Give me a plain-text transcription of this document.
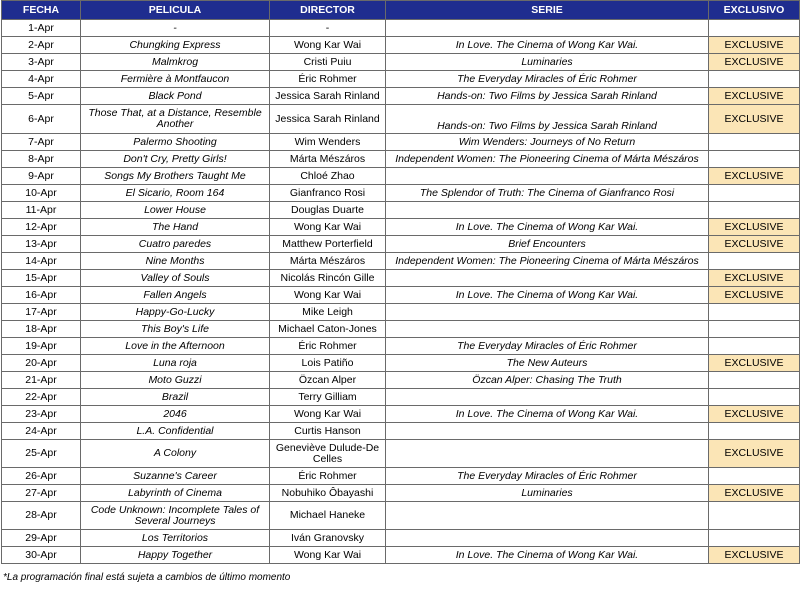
FECHA	PELICULA	DIRECTOR	SERIE	EXCLUSIVO
1-Apr	-	-		
2-Apr	Chungking Express	Wong Kar Wai	In Love. The Cinema of Wong Kar Wai.	EXCLUSIVE
3-Apr	Malmkrog	Cristi Puiu	Luminaries	EXCLUSIVE
4-Apr	Fermière à Montfaucon	Éric Rohmer	The Everyday Miracles of Éric Rohmer	
5-Apr	Black Pond	Jessica Sarah Rinland	Hands-on: Two Films by Jessica Sarah Rinland	EXCLUSIVE
6-Apr	Those That, at a Distance, Resemble Another	Jessica Sarah Rinland	Hands-on: Two Films by Jessica Sarah Rinland	EXCLUSIVE
7-Apr	Palermo Shooting	Wim Wenders	Wim Wenders: Journeys of No Return	
8-Apr	Don't Cry, Pretty Girls!	Márta Mészáros	Independent Women: The Pioneering Cinema of Márta Mészáros	
9-Apr	Songs My Brothers Taught Me	Chloé Zhao		EXCLUSIVE
10-Apr	El Sicario, Room 164	Gianfranco Rosi	The Splendor of Truth: The Cinema of Gianfranco Rosi	
11-Apr	Lower House	Douglas Duarte		
12-Apr	The Hand	Wong Kar Wai	In Love. The Cinema of Wong Kar Wai.	EXCLUSIVE
13-Apr	Cuatro paredes	Matthew Porterfield	Brief Encounters	EXCLUSIVE
14-Apr	Nine Months	Márta Mészáros	Independent Women: The Pioneering Cinema of Márta Mészáros	
15-Apr	Valley of Souls	Nicolás Rincón Gille		EXCLUSIVE
16-Apr	Fallen Angels	Wong Kar Wai	In Love. The Cinema of Wong Kar Wai.	EXCLUSIVE
17-Apr	Happy-Go-Lucky	Mike Leigh		
18-Apr	This Boy's Life	Michael Caton-Jones		
19-Apr	Love in the Afternoon	Éric Rohmer	The Everyday Miracles of Éric Rohmer	
20-Apr	Luna roja	Lois Patiño	The New Auteurs	EXCLUSIVE
21-Apr	Moto Guzzi	Özcan Alper	Özcan Alper: Chasing The Truth	
22-Apr	Brazil	Terry Gilliam		
23-Apr	2046	Wong Kar Wai	In Love. The Cinema of Wong Kar Wai.	EXCLUSIVE
24-Apr	L.A. Confidential	Curtis Hanson		
25-Apr	A Colony	Geneviève Dulude-De Celles		EXCLUSIVE
26-Apr	Suzanne's Career	Éric Rohmer	The Everyday Miracles of Éric Rohmer	
27-Apr	Labyrinth of Cinema	Nobuhiko Ôbayashi	Luminaries	EXCLUSIVE
28-Apr	Code Unknown: Incomplete Tales of Several Journeys	Michael Haneke		
29-Apr	Los Territorios	Iván Granovsky		
30-Apr	Happy Together	Wong Kar Wai	In Love. The Cinema of Wong Kar Wai.	EXCLUSIVE
*La programación final está sujeta a cambios de último momento
